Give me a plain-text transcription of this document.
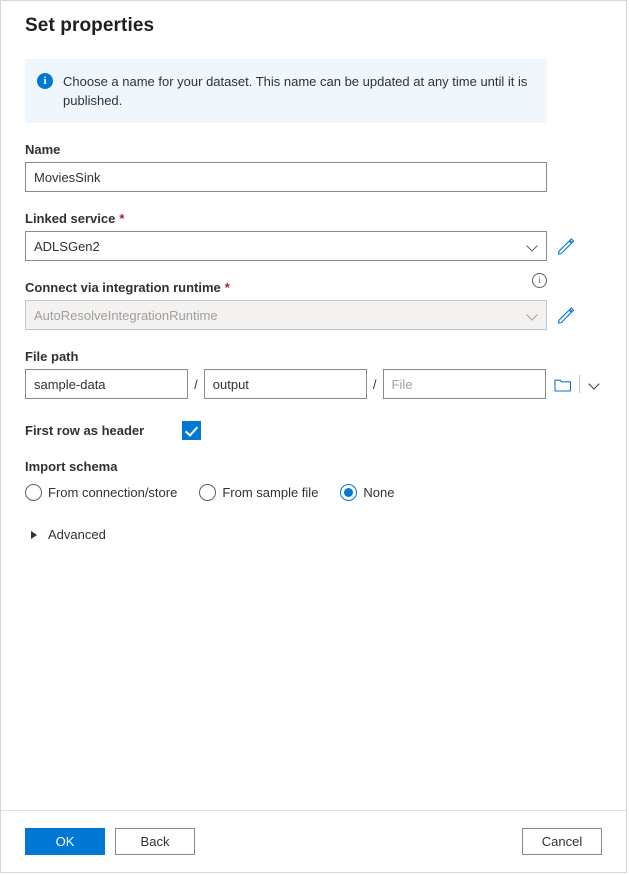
Set properties
i	Choose a name for your dataset. This name can be updated at any time until it is published.
Name
MoviesSink
Linked service *
ADLSGen2
Connect via integration runtime *	i
AutoResolveIntegrationRuntime
File path
sample-data
/
output	/
File
First row as header
Import schema
From connection/store	From sample file	None
Advanced
OK	Back	Cancel
